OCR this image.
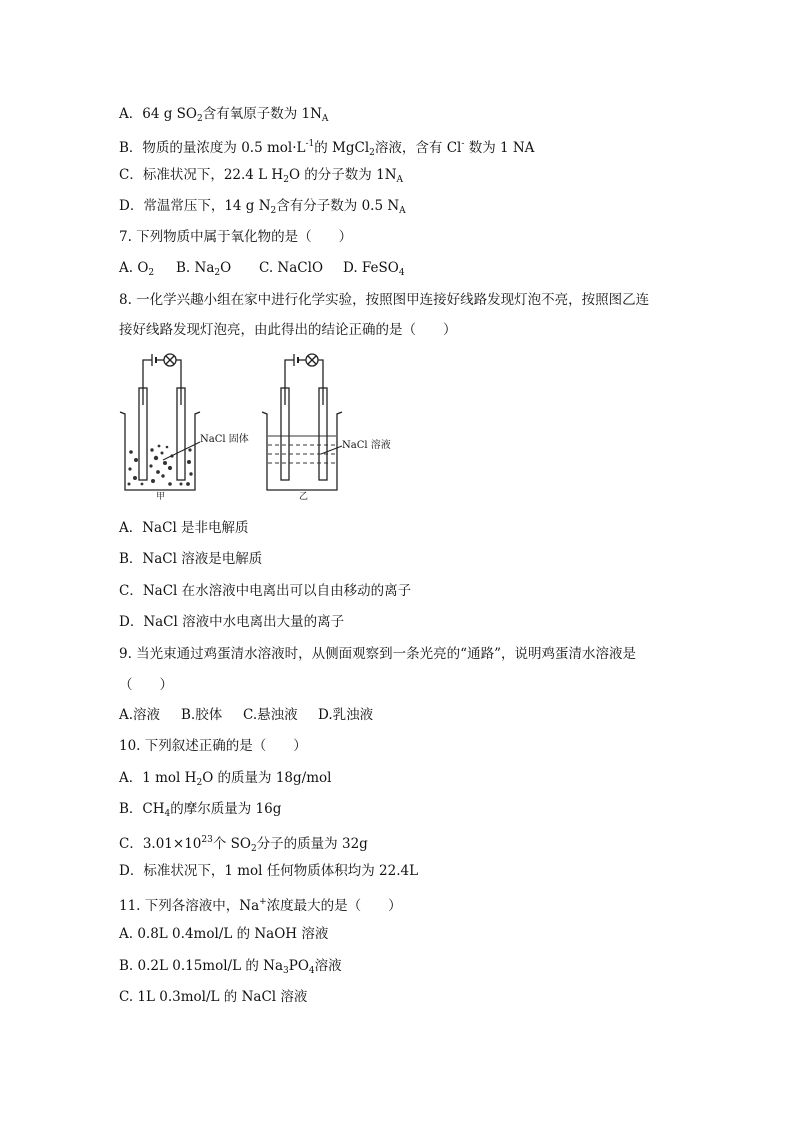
A．64 g $SO_2$含有氧原子数为 $1N_A$
B．物质的量浓度为 0.5 $mol\cdot L^{-1}$的 MgCl$_2$溶液，含有 Cl- 数为 1 NA
C．标准状况下，22.4 L $H_2O$ 的分子数为 $1N_A$
D．常温常压下，14 g $N_2$含有分子数为 0.5 $N_A$
7. 下列物质中属于氧化物的是（　　）
A. $O_2$ B. $Na_2O$ C. NaClO D. FeSO$_4$
8. 一化学兴趣小组在家中进行化学实验，按照图甲连接好线路发现灯泡不亮，按照图乙连
接好线路发现灯泡亮，由此得出的结论正确的是（　　）
NaCl 固体
甲
NaCl 溶液
乙
A．NaCl 是非电解质
B．NaCl 溶液是电解质
C．NaCl 在水溶液中电离出可以自由移动的离子
D．NaCl 溶液中水电离出大量的离子
9. 当光束通过鸡蛋清水溶液时，从侧面观察到一条光亮的“通路”，说明鸡蛋清水溶液是
（　　）
A.溶液 B.胶体 C.悬浊液 D.乳浊液
10. 下列叙述正确的是（　　）
A．1 mol $H_2O$ 的质量为 18g/mol
B．$CH_4$的摩尔质量为 16g
C．$3.01\times 10^{23}$个 $SO_2$分子的质量为 32g
D．标准状况下，1 mol 任何物质体积均为 22.4L
11. 下列各溶液中，Na+浓度最大的是（　　）
A. 0.8L 0.4mol/L 的 NaOH 溶液
B. 0.2L 0.15mol/L 的 $Na_3PO_4$溶液
C. 1L 0.3mol/L 的 NaCl 溶液
